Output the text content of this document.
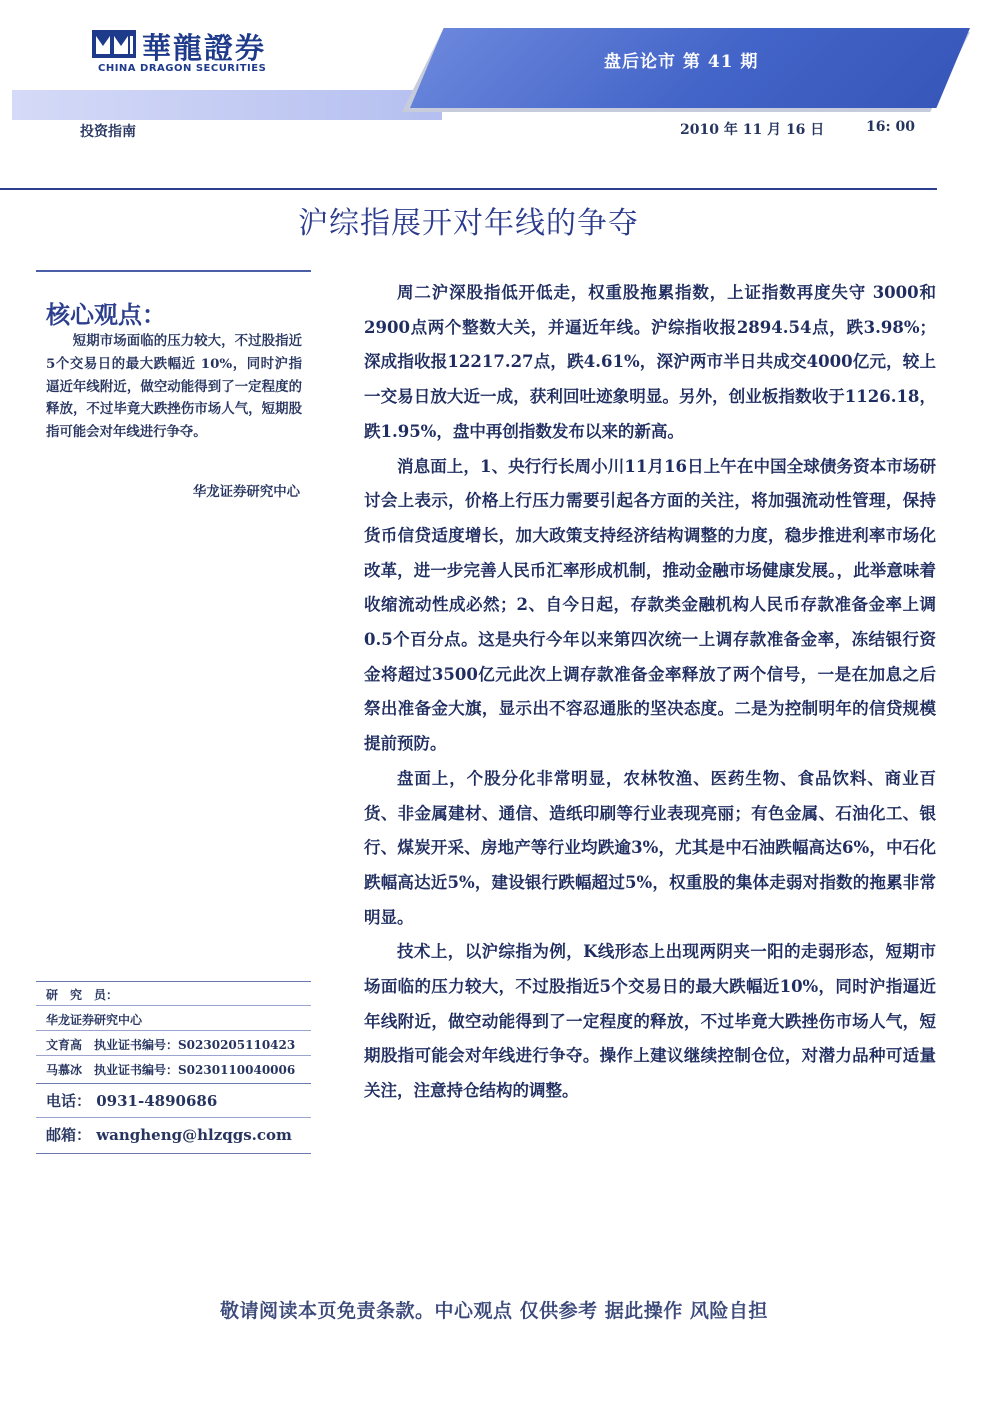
華龍證券
CHINA DRAGON SECURITIES	盘后论市 第 41 期
投资指南	2010 年 11 月 16 日	16: 00
沪综指展开对年线的争夺
核心观点：
短期市场面临的压力较大，不过股指近 5个交易日的最大跌幅近 10%，同时沪指逼近年线附近，做空动能得到了一定程度的释放，不过毕竟大跌挫伤市场人气，短期股指可能会对年线进行争夺。
华龙证券研究中心
研　究　员：
华龙证券研究中心
文育高　执业证书编号：S0230205110423
马慕冰　执业证书编号：S0230110040006
电话： 0931-4890686
邮箱： wangheng@hlzqgs.com

周二沪深股指低开低走，权重股拖累指数，上证指数再度失守 3000和2900点两个整数大关，并逼近年线。沪综指收报2894.54点，跌3.98%；深成指收报12217.27点，跌4.61%，深沪两市半日共成交4000亿元，较上一交易日放大近一成，获利回吐迹象明显。另外，创业板指数收于1126.18，跌1.95%，盘中再创指数发布以来的新高。

消息面上，1、央行行长周小川11月16日上午在中国全球债务资本市场研讨会上表示，价格上行压力需要引起各方面的关注，将加强流动性管理，保持货币信贷适度增长，加大政策支持经济结构调整的力度，稳步推进利率市场化改革，进一步完善人民币汇率形成机制，推动金融市场健康发展。，此举意味着收缩流动性成必然；2、自今日起，存款类金融机构人民币存款准备金率上调0.5个百分点。这是央行今年以来第四次统一上调存款准备金率，冻结银行资金将超过3500亿元此次上调存款准备金率释放了两个信号，一是在加息之后祭出准备金大旗，显示出不容忍通胀的坚决态度。二是为控制明年的信贷规模提前预防。

盘面上，个股分化非常明显，农林牧渔、医药生物、食品饮料、商业百货、非金属建材、通信、造纸印刷等行业表现亮丽；有色金属、石油化工、银行、煤炭开采、房地产等行业均跌逾3%，尤其是中石油跌幅高达6%，中石化跌幅高达近5%，建设银行跌幅超过5%，权重股的集体走弱对指数的拖累非常明显。

技术上，以沪综指为例，K线形态上出现两阴夹一阳的走弱形态，短期市场面临的压力较大，不过股指近5个交易日的最大跌幅近10%，同时沪指逼近年线附近，做空动能得到了一定程度的释放，不过毕竟大跌挫伤市场人气，短期股指可能会对年线进行争夺。操作上建议继续控制仓位，对潜力品种可适量关注，注意持仓结构的调整。

敬请阅读本页免责条款。中心观点 仅供参考 据此操作 风险自担
